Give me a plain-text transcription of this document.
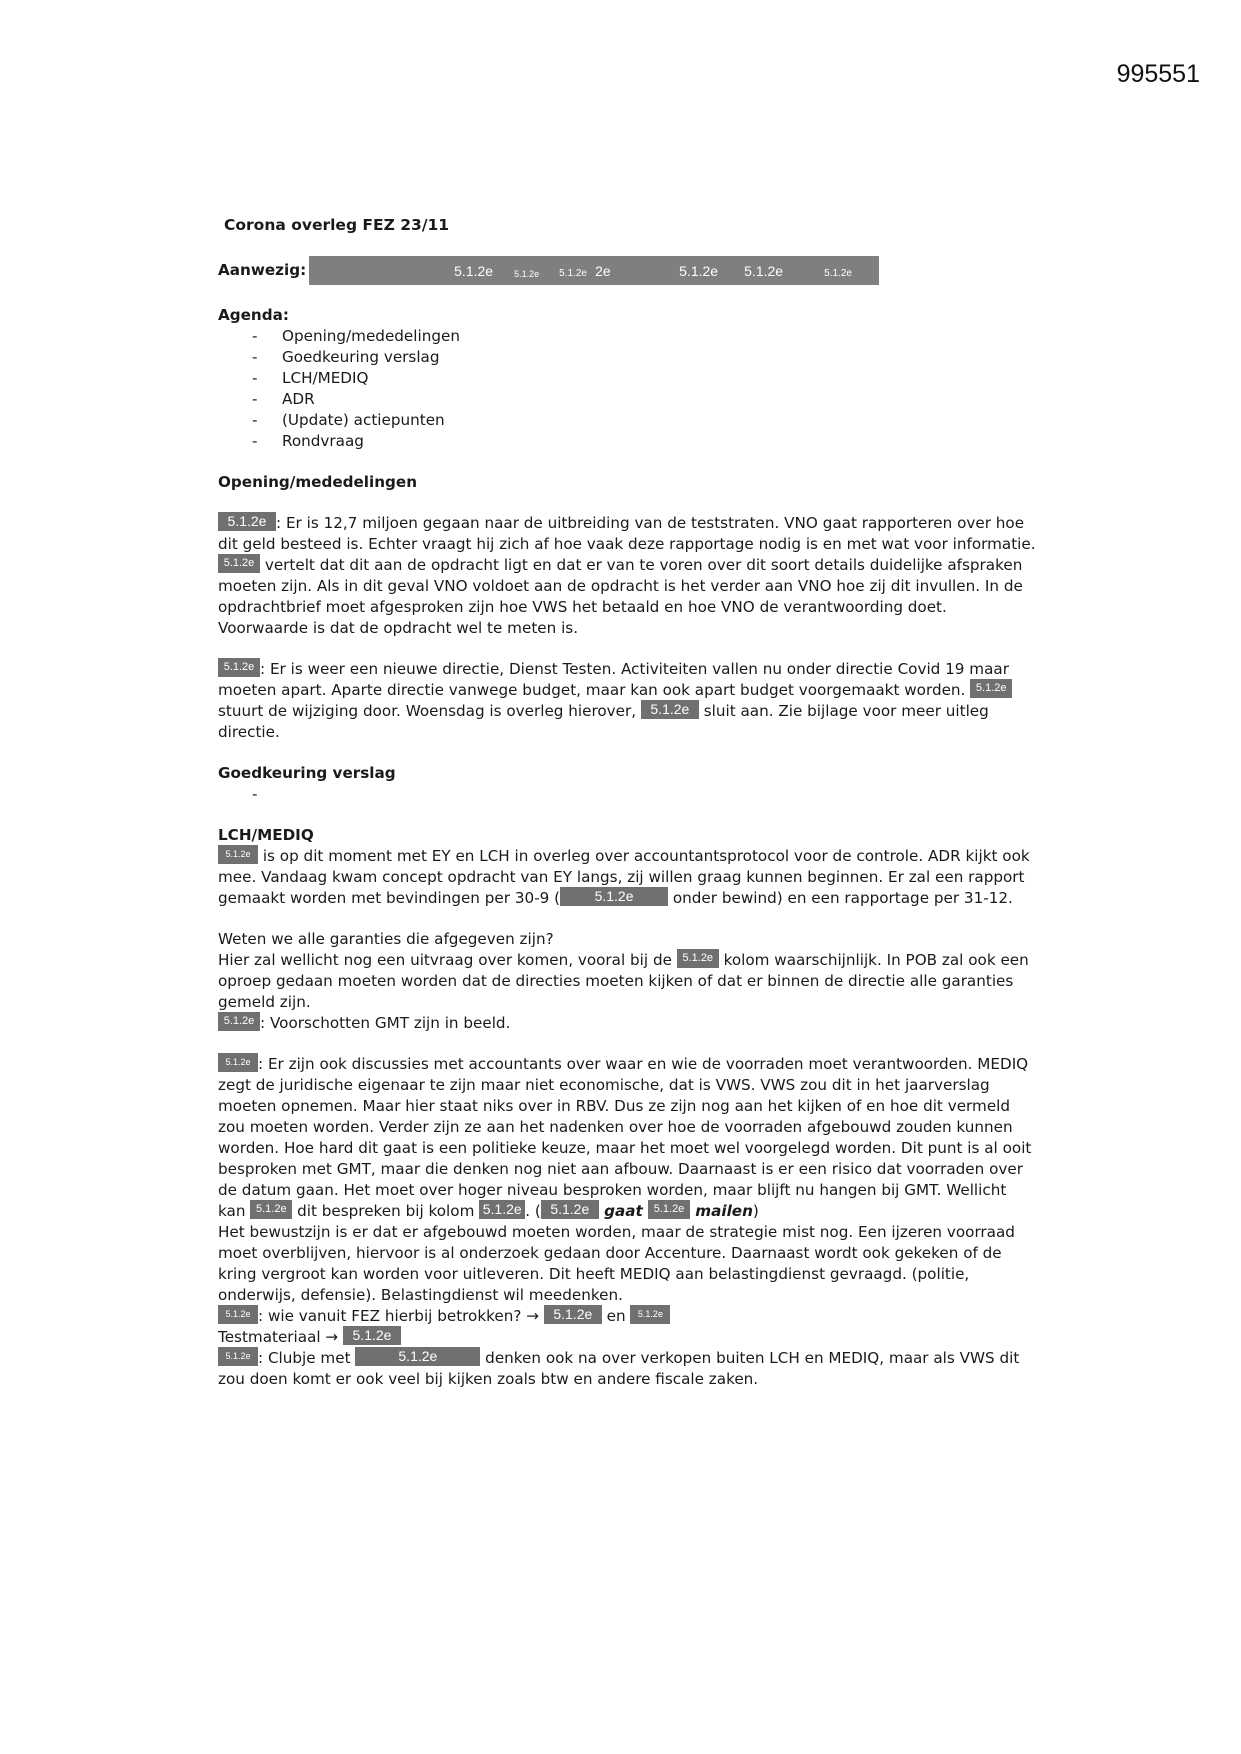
995551
Corona overleg FEZ 23/11
Aanwezig:	5.1.2e 5.1.2e 5.1.2e 2e	5.1.2e 5.1.2e	5.1.2e
Agenda:
- Opening/mededelingen
- Goedkeuring verslag
- LCH/MEDIQ
- ADR
- (Update) actiepunten
- Rondvraag
Opening/mededelingen

5.1.2e : Er is 12,7 miljoen gegaan naar de uitbreiding van de teststraten. VNO gaat rapporteren over hoe dit geld besteed is. Echter vraagt hij zich af hoe vaak deze rapportage nodig is en met wat voor informatie. 5.1.2e vertelt dat dit aan de opdracht ligt en dat er van te voren over dit soort details duidelijke afspraken moeten zijn. Als in dit geval VNO voldoet aan de opdracht is het verder aan VNO hoe zij dit invullen. In de opdrachtbrief moet afgesproken zijn hoe VWS het betaald en hoe VNO de verantwoording doet. Voorwaarde is dat de opdracht wel te meten is.

5.1.2e : Er is weer een nieuwe directie, Dienst Testen. Activiteiten vallen nu onder directie Covid 19 maar moeten apart. Aparte directie vanwege budget, maar kan ook apart budget voorgemaakt worden. 5.1.2e stuurt de wijziging door. Woensdag is overleg hierover, 5.1.2e sluit aan. Zie bijlage voor meer uitleg directie.

Goedkeuring verslag
-
LCH/MEDIQ

5.1.2e is op dit moment met EY en LCH in overleg over accountantsprotocol voor de controle. ADR kijkt ook mee. Vandaag kwam concept opdracht van EY langs, zij willen graag kunnen beginnen. Er zal een rapport gemaakt worden met bevindingen per 30-9 ( 5.1.2e onder bewind) en een rapportage per 31-12.

Weten we alle garanties die afgegeven zijn?

Hier zal wellicht nog een uitvraag over komen, vooral bij de 5.1.2e kolom waarschijnlijk. In POB zal ook een oproep gedaan moeten worden dat de directies moeten kijken of dat er binnen de directie alle garanties gemeld zijn.

5.1.2e : Voorschotten GMT zijn in beeld.

5.1.2e : Er zijn ook discussies met accountants over waar en wie de voorraden moet verantwoorden. MEDIQ zegt de juridische eigenaar te zijn maar niet economische, dat is VWS. VWS zou dit in het jaarverslag moeten opnemen. Maar hier staat niks over in RBV. Dus ze zijn nog aan het kijken of en hoe dit vermeld zou moeten worden. Verder zijn ze aan het nadenken over hoe de voorraden afgebouwd zouden kunnen worden. Hoe hard dit gaat is een politieke keuze, maar het moet wel voorgelegd worden. Dit punt is al ooit besproken met GMT, maar die denken nog niet aan afbouw. Daarnaast is er een risico dat voorraden over de datum gaan. Het moet over hoger niveau besproken worden, maar blijft nu hangen bij GMT. Wellicht kan 5.1.2e dit bespreken bij kolom 5.1.2e . ( 5.1.2e gaat 5.1.2e mailen)

Het bewustzijn is er dat er afgebouwd moeten worden, maar de strategie mist nog. Een ijzeren voorraad moet overblijven, hiervoor is al onderzoek gedaan door Accenture. Daarnaast wordt ook gekeken of de kring vergroot kan worden voor uitleveren. Dit heeft MEDIQ aan belastingdienst gevraagd. (politie, onderwijs, defensie). Belastingdienst wil meedenken.

5.1.2e : wie vanuit FEZ hierbij betrokken? → 5.1.2e en 5.1.2e

Testmateriaal → 5.1.2e

5.1.2e : Clubje met	5.1.2e	denken ook na over verkopen buiten LCH en MEDIQ, maar als VWS dit zou doen komt er ook veel bij kijken zoals btw en andere fiscale zaken.
